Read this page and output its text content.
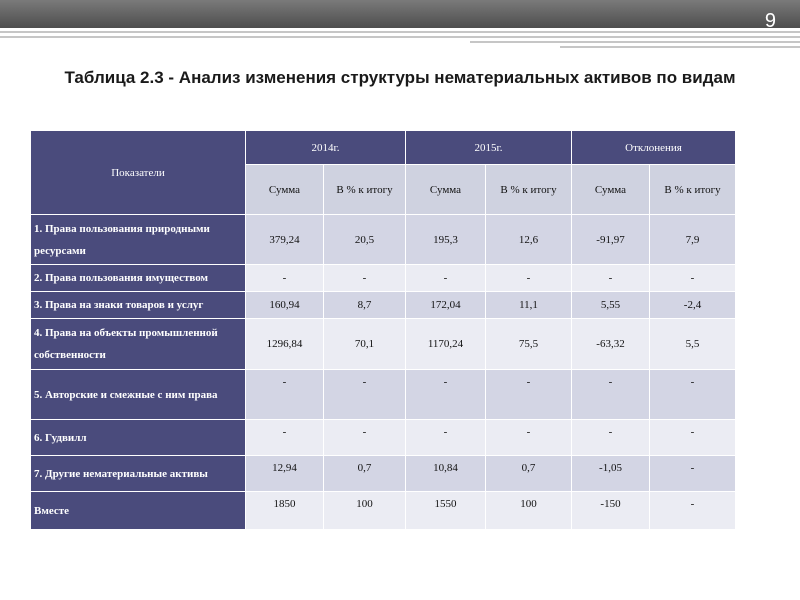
9
Таблица 2.3 - Анализ изменения структуры нематериальных активов по видам
Показатели	2014г.		2015г.		Отклонения	
	Сумма	В % к итогу	Сумма	В % к итогу	Сумма	В % к итогу
1. Права пользования природными ресурсами	379,24	20,5	195,3	12,6	-91,97	7,9
2. Права пользования имуществом	-	-	-	-	-	-
3. Права на знаки товаров и услуг	160,94	8,7	172,04	11,1	5,55	-2,4
4. Права на объекты промышленной собственности	1296,84	70,1	1170,24	75,5	-63,32	5,5
5. Авторские и смежные с ним права	-	-	-	-	-	-
6. Гудвилл	-	-	-	-	-	-
7. Другие нематериальные активы	12,94	0,7	10,84	0,7	-1,05	-
Вместе	1850	100	1550	100	-150	-
